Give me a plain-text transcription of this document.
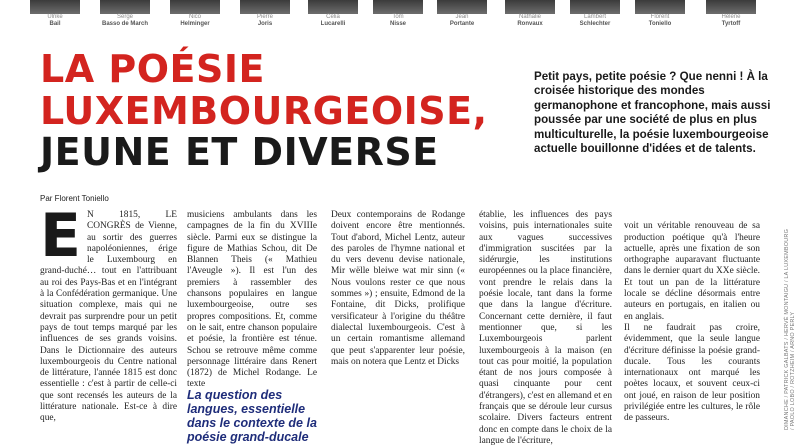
Ulrike
Bail
Serge
Basso de March
Nico
Helminger
Pierre
Joris
Celia
Lucarelli
Tom
Nisse
Jean
Portante
Nathalie
Ronvaux
Lambert
Schlechter
Florent
Toniello
Hélène
Tyrtoff
LA POÉSIE
LUXEMBOURGEOISE,
JEUNE ET DIVERSE
Petit pays, petite poésie ? Que nenni ! À la croisée historique des mondes germanophone et francophone, mais aussi poussée par une société de plus en plus multiculturelle, la poésie luxembourgeoise actuelle bouillonne d'idées et de talents.
Par Florent Toniello
E N 1815, LE CONGRÈS de Vienne, au sortir des guerres napoléoniennes, érige le Luxembourg en grand-duché… tout en l'attribuant au roi des Pays-Bas et en l'intégrant à la Confédération germanique. Une situation complexe, mais qui ne devrait pas surprendre pour un petit pays de tout temps marqué par les influences de ses grands voisins. Dans le Dictionnaire des auteurs luxembourgeois du Centre national de littérature, l'année 1815 est donc essentielle : c'est à partir de celle-ci que sont recensés les auteurs de la littérature nationale. Est-ce à dire que,
musiciens ambulants dans les campagnes de la fin du XVIIIe siècle. Parmi eux se distingue la figure de Mathias Schou, dit De Blannen Theis (« Mathieu l'Aveugle »). Il est l'un des premiers à rassembler des chansons populaires en langue luxembourgeoise, outre ses propres compositions. Et, comme on le sait, entre chanson populaire et poésie, la frontière est ténue. Schou se retrouve même comme personnage littéraire dans Renert (1872) de Michel Rodange. Le texte
La question des langues, essentielle dans le contexte de la poésie grand-ducale
Deux contemporains de Rodange doivent encore être mentionnés. Tout d'abord, Michel Lentz, auteur des paroles de l'hymne national et du vers devenu devise nationale, Mir wëlle bleiwe wat mir sinn (« Nous voulons rester ce que nous sommes ») ; ensuite, Edmond de la Fontaine, dit Dicks, prolifique versificateur à l'origine du théâtre dialectal luxembourgeois. C'est à un certain romantisme allemand que peut s'apparenter leur poésie, mais on notera que Lentz et Dicks
établie, les influences des pays voisins, puis internationales suite aux vagues successives d'immigration suscitées par la sidérurgie, les institutions européennes ou la place financière, vont prendre le relais dans la poésie locale, tant dans la forme que dans la langue d'écriture. Concernant cette dernière, il faut mentionner que, si les Luxembourgeois parlent luxembourgeois à la maison (en tout cas pour moitié, la population étant de nos jours composée à quasi cinquante pour cent d'étrangers), c'est en allemand et en français que se déroule leur cursus scolaire. Divers facteurs entrent donc en compte dans le choix de la langue de l'écriture,

voit un véritable renouveau de sa production poétique qu'à l'heure actuelle, après une fixation de son orthographe auparavant fluctuante dans le dernier quart du XXe siècle. Et tout un pan de la littérature locale se décline désormais entre auteurs en portugais, en italien ou en anglais.
Il ne faudrait pas croire, évidemment, que la seule langue d'écriture définisse la poésie grand-ducale. Tous les courants internationaux ont marqué les poètes locaux, et souvent ceux-ci ont joué, en raison de leur position privilégiée entre les cultures, le rôle de passeurs.	DIMANCHE / PATRICK GALBATS / HERVÉ MONTAIGU / LA LUXEMBOURG / PAOLO LOBO / ROTZHEIM / ARNO PERLY
